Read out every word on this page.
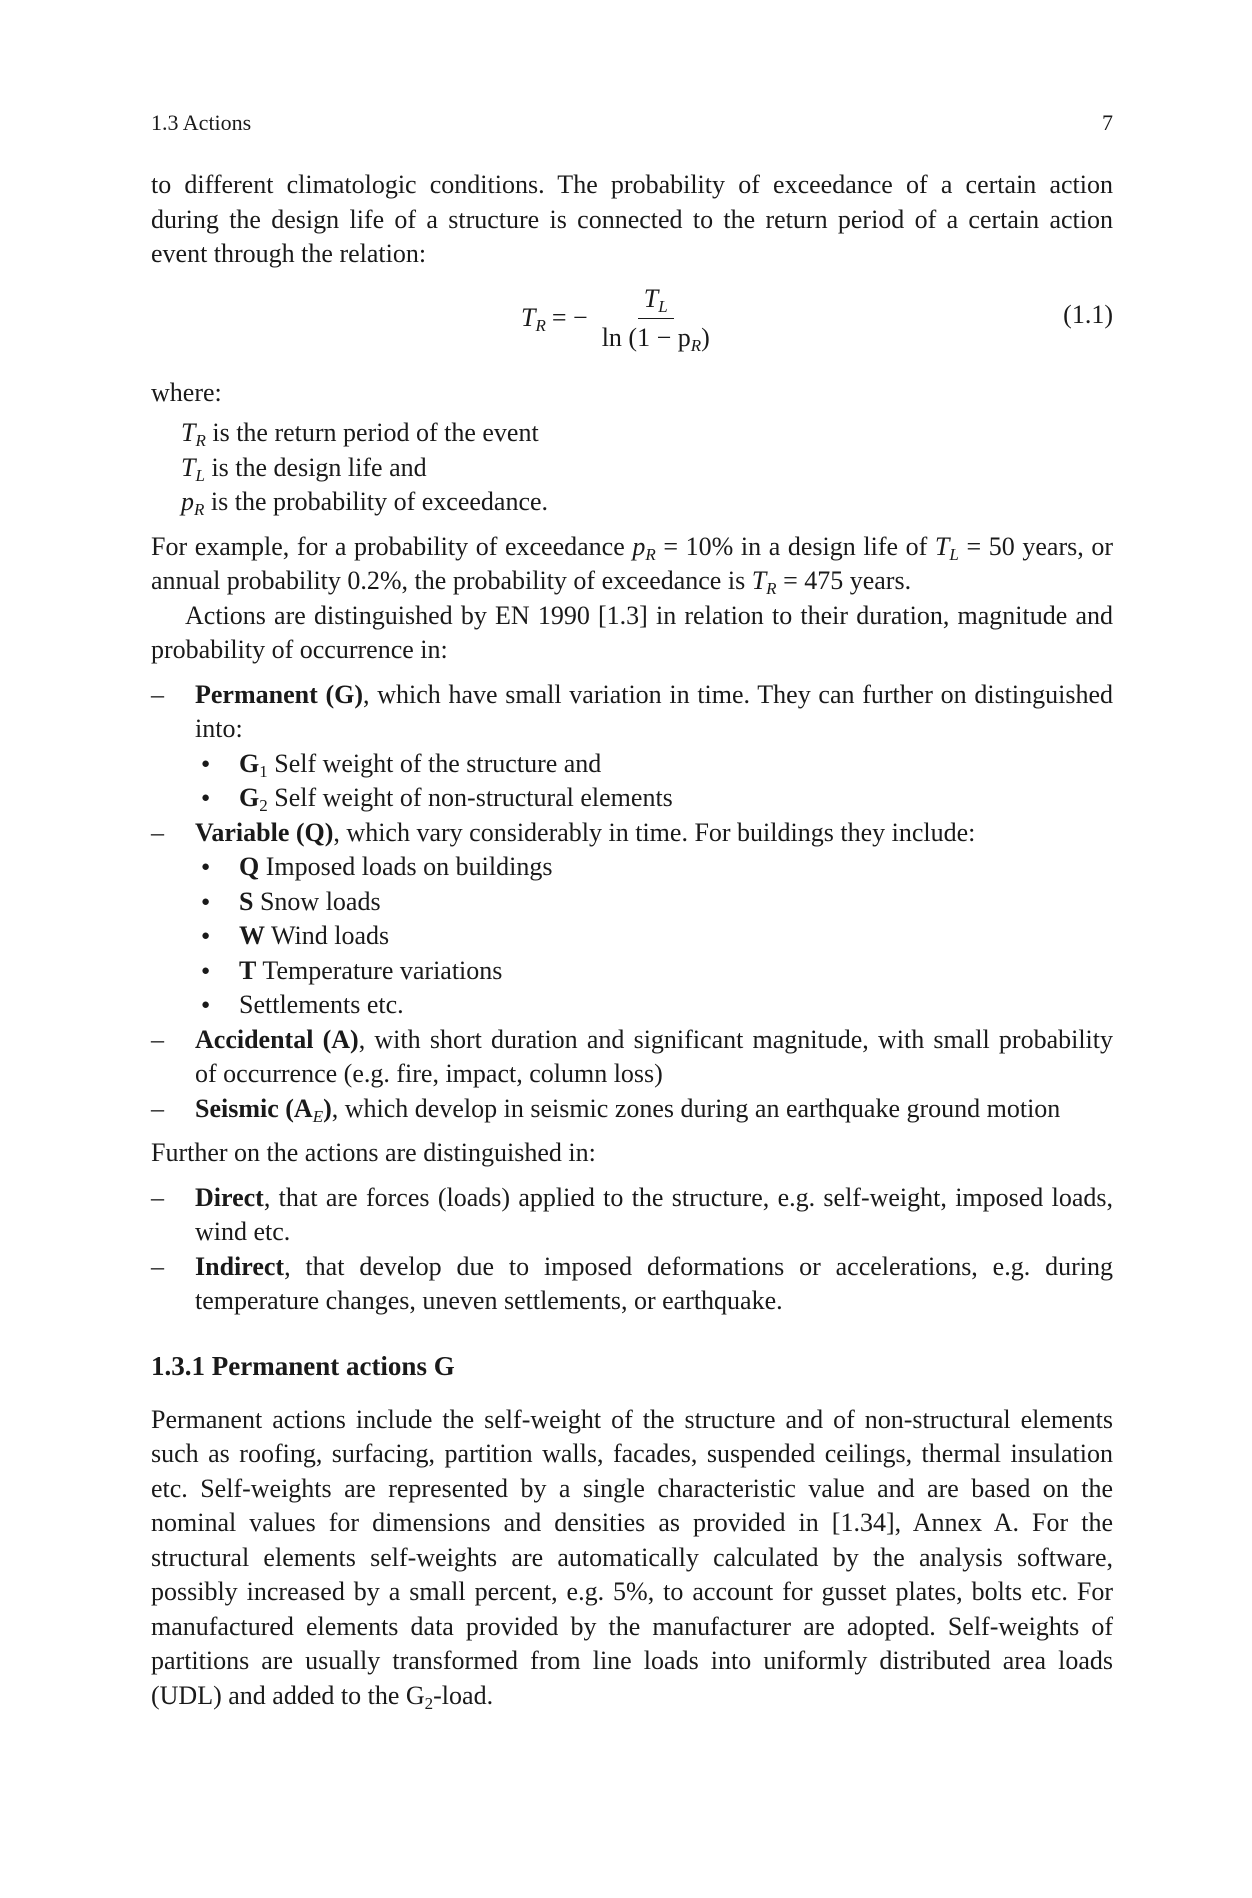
1.3 Actions	7

to different climatologic conditions. The probability of exceedance of a certain action during the design life of a structure is connected to the return period of a certain action event through the relation:

$T_R$ = − $\frac{T_L}{\ln (1 - p_R)}$	(1.1)

where:

$T_R$ is the return period of the event
$T_L$ is the design life and
$p_R$ is the probability of exceedance.

For example, for a probability of exceedance $p_R = 10\%$ in a design life of $T_L = 50$ years, or annual probability 0.2%, the probability of exceedance is $T_R = 475$ years.

Actions are distinguished by EN 1990 [1.3] in relation to their duration, magnitude and probability of occurrence in:

– Permanent (G), which have small variation in time. They can further on distinguished into:
● $G_1$ Self weight of the structure and
● $G_2$ Self weight of non-structural elements
– Variable (Q), which vary considerably in time. For buildings they include:
● Q Imposed loads on buildings
● S Snow loads
● W Wind loads
● T Temperature variations
● Settlements etc.
– Accidental (A), with short duration and significant magnitude, with small probability of occurrence (e.g. fire, impact, column loss)
– Seismic $(A_E)$, which develop in seismic zones during an earthquake ground motion

Further on the actions are distinguished in:

– Direct, that are forces (loads) applied to the structure, e.g. self-weight, imposed loads, wind etc.
– Indirect, that develop due to imposed deformations or accelerations, e.g. during temperature changes, uneven settlements, or earthquake.
1.3.1 Permanent actions G

Permanent actions include the self-weight of the structure and of non-structural elements such as roofing, surfacing, partition walls, facades, suspended ceilings, thermal insulation etc. Self-weights are represented by a single characteristic value and are based on the nominal values for dimensions and densities as provided in [1.34], Annex A. For the structural elements self-weights are automatically calculated by the analysis software, possibly increased by a small percent, e.g. 5%, to account for gusset plates, bolts etc. For manufactured elements data provided by the manufacturer are adopted. Self-weights of partitions are usually transformed from line loads into uniformly distributed area loads (UDL) and added to the $G_2$-load.
